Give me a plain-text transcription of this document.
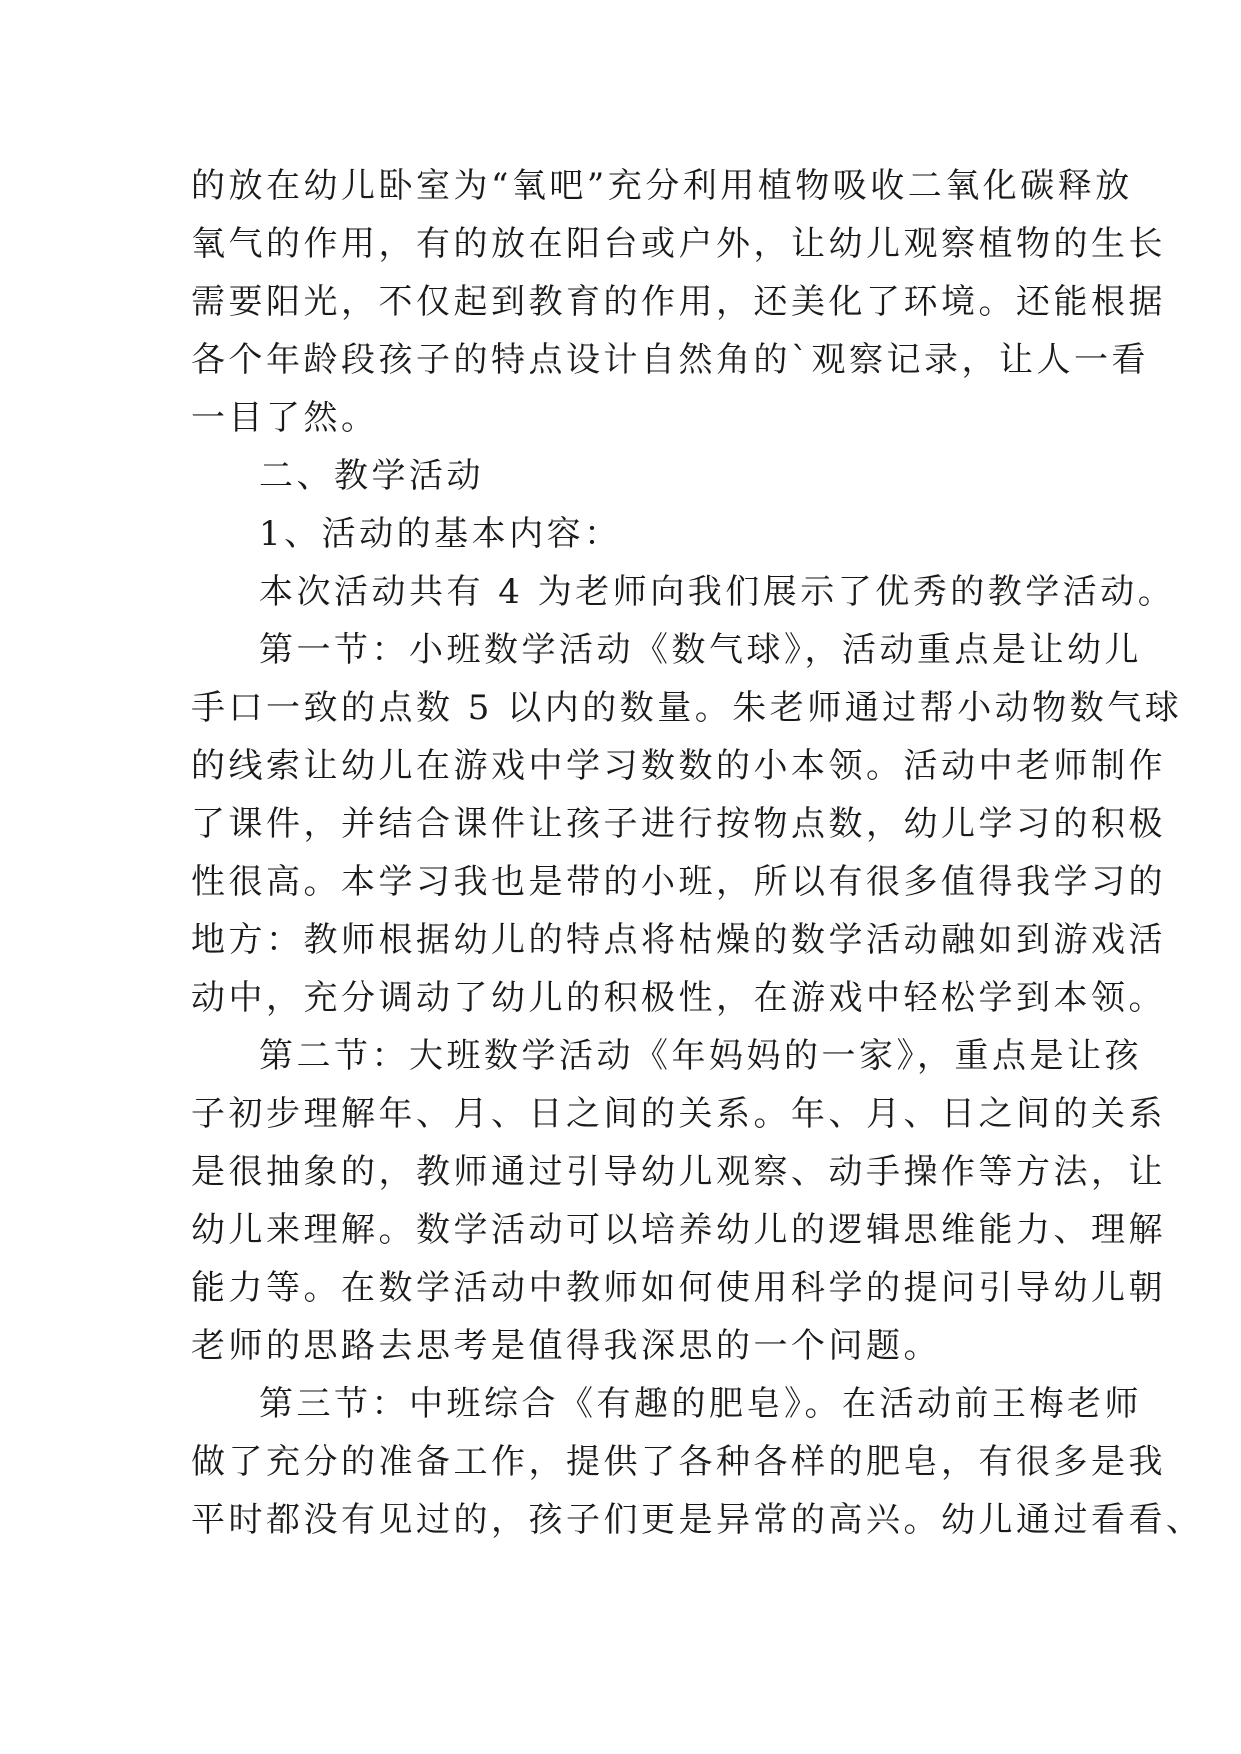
的放在幼儿卧室为“氧吧”充分利用植物吸收二氧化碳释放
氧气的作用，有的放在阳台或户外，让幼儿观察植物的生长
需要阳光，不仅起到教育的作用，还美化了环境。还能根据
各个年龄段孩子的特点设计自然角的`观察记录，让人一看
一目了然。
二、教学活动
1、活动的基本内容：
本次活动共有 4 为老师向我们展示了优秀的教学活动。
第一节：小班数学活动《数气球》，活动重点是让幼儿
手口一致的点数 5 以内的数量。朱老师通过帮小动物数气球
的线索让幼儿在游戏中学习数数的小本领。活动中老师制作
了课件，并结合课件让孩子进行按物点数，幼儿学习的积极
性很高。本学习我也是带的小班，所以有很多值得我学习的
地方：教师根据幼儿的特点将枯燥的数学活动融如到游戏活
动中，充分调动了幼儿的积极性，在游戏中轻松学到本领。
第二节：大班数学活动《年妈妈的一家》，重点是让孩
子初步理解年、月、日之间的关系。年、月、日之间的关系
是很抽象的，教师通过引导幼儿观察、动手操作等方法，让
幼儿来理解。数学活动可以培养幼儿的逻辑思维能力、理解
能力等。在数学活动中教师如何使用科学的提问引导幼儿朝
老师的思路去思考是值得我深思的一个问题。
第三节：中班综合《有趣的肥皂》。在活动前王梅老师
做了充分的准备工作，提供了各种各样的肥皂，有很多是我
平时都没有见过的，孩子们更是异常的高兴。幼儿通过看看、
